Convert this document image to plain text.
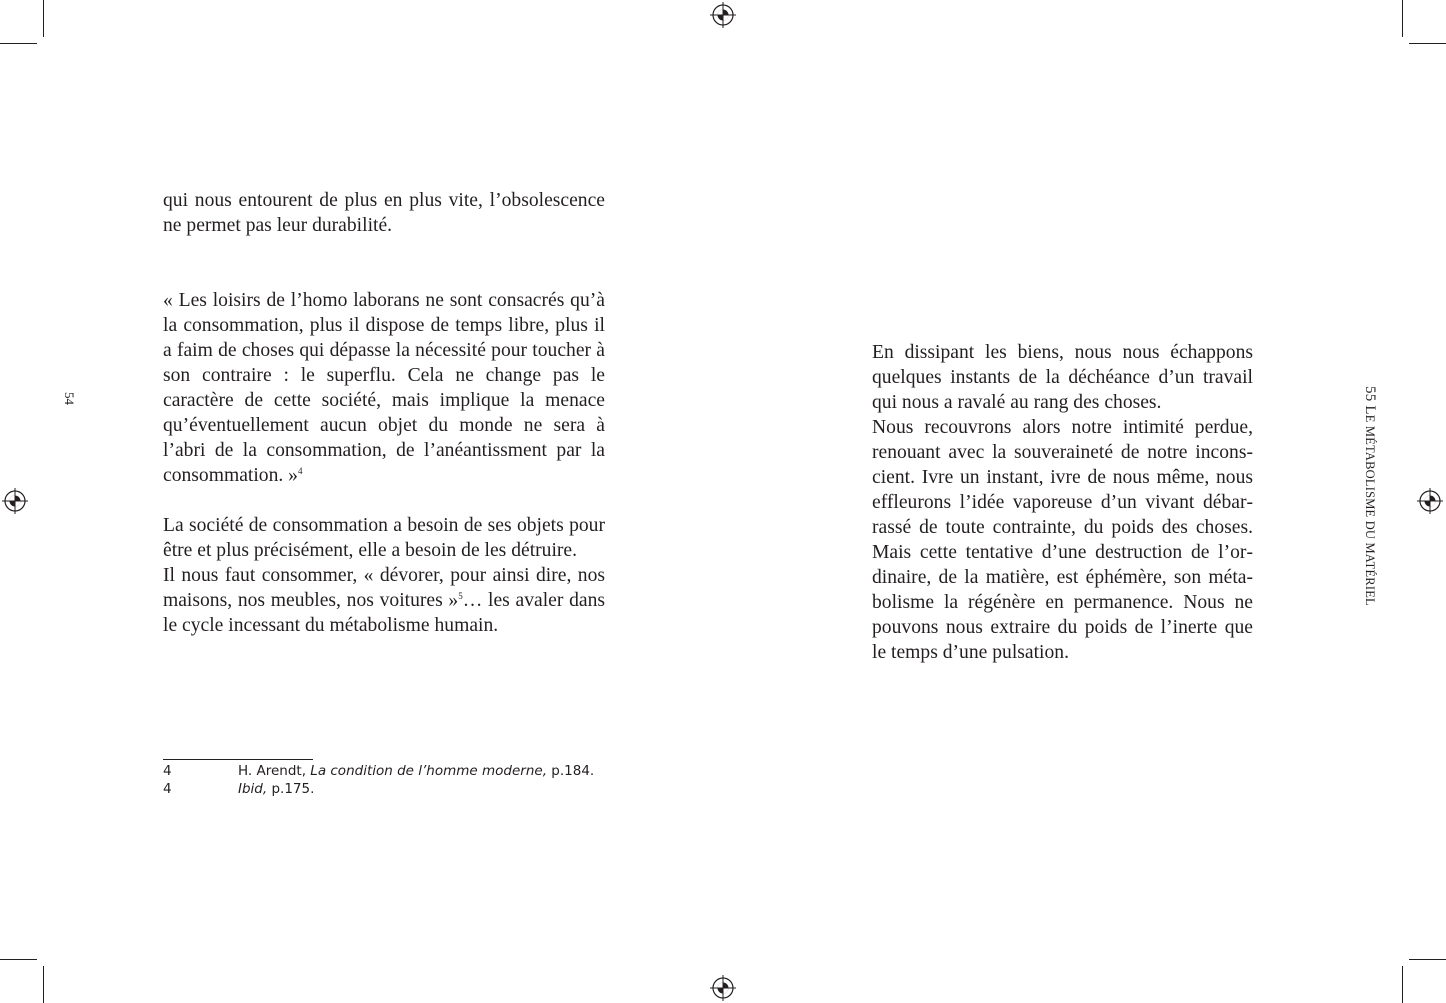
54

qui nous entourent de plus en plus vite, l’obsolescence ne permet pas leur durabilité.

« Les loisirs de l’homo laborans ne sont consacrés qu’à la consommation, plus il dispose de temps libre, plus il a faim de choses qui dépasse la nécessité pour toucher à son contraire : le superflu. Cela ne change pas le caractère de cette société, mais implique la menace qu’éventuellement aucun objet du monde ne sera à l’abri de la consommation, de l’anéantissment par la consommation. »$^4$

La société de consommation a besoin de ses objets pour être et plus précisément, elle a besoin de les détruire.

Il nous faut consommer, « dévorer, pour ainsi dire, nos maisons, nos meubles, nos voitures »$^5$… les avaler dans le cycle incessant du métabolisme humain.

4	H. Arendt, La condition de l’homme moderne, p.184.
4	Ibid, p.175.

En dissipant les biens, nous nous échappons quelques instants de la déchéance d’un travail qui nous a ravalé au rang des choses.

Nous recouvrons alors notre intimité perdue, renouant avec la souveraineté de notre inconscient. Ivre un instant, ivre de nous même, nous effleurons l’idée vaporeuse d’un vivant débarrassé de toute contrainte, du poids des choses. Mais cette tentative d’une destruction de l’ordinaire, de la matière, est éphémère, son métabolisme la régénère en permanence. Nous ne pouvons nous extraire du poids de l’inerte que le temps d’une pulsation.

55 LE MÉTABOLISME DU MATÉRIEL
